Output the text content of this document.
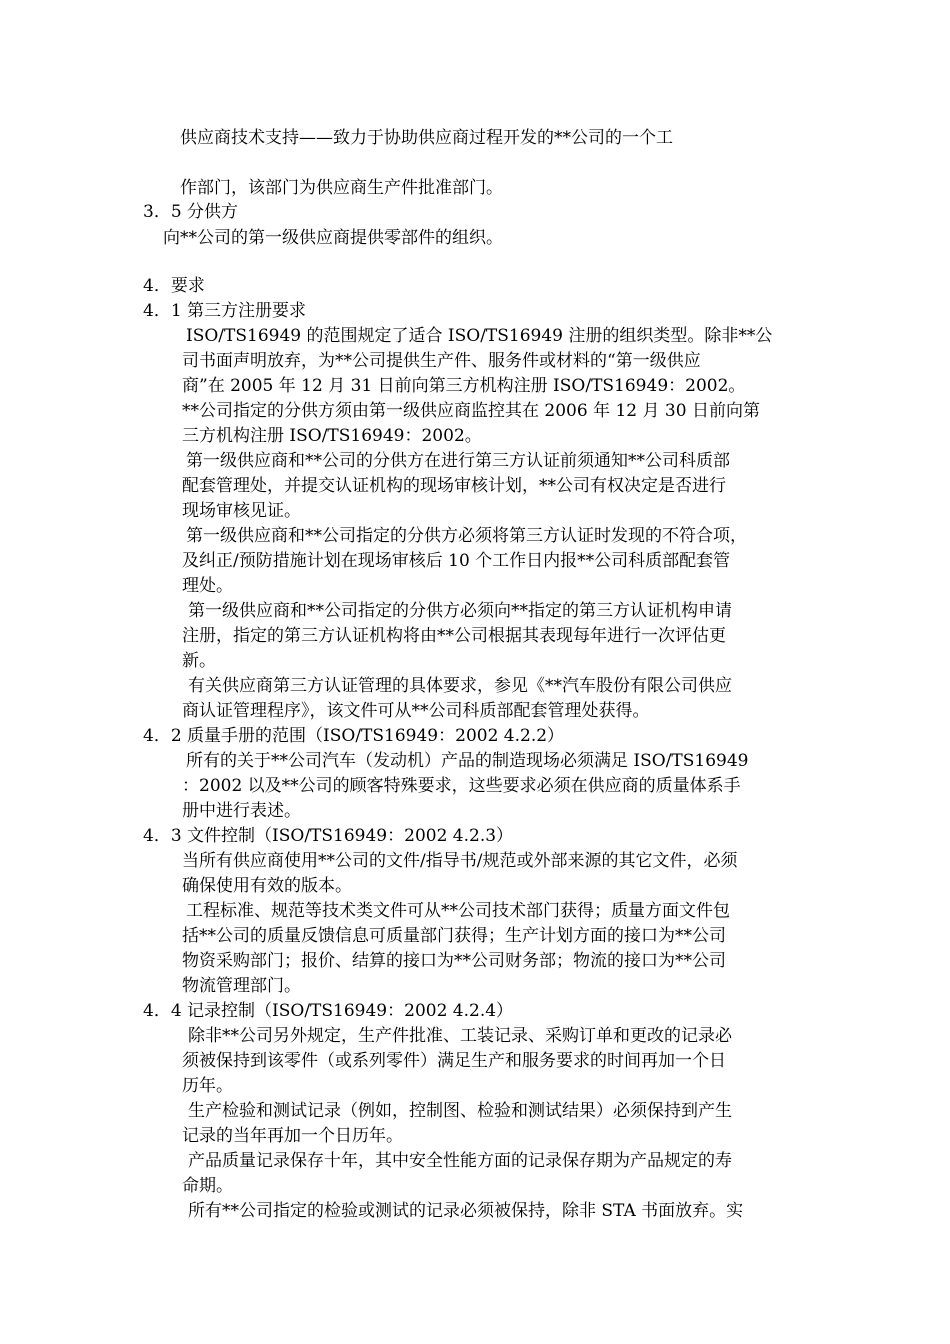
供应商技术支持——致力于协助供应商过程开发的**公司的一个工
作部门，该部门为供应商生产件批准部门。
3．5 分供方
向**公司的第一级供应商提供零部件的组织。
4．要求
4．1 第三方注册要求
ISO/TS16949 的范围规定了适合 ISO/TS16949 注册的组织类型。除非**公
司书面声明放弃，为**公司提供生产件、服务件或材料的“第一级供应
商”在 2005 年 12 月 31 日前向第三方机构注册 ISO/TS16949：2002。
**公司指定的分供方须由第一级供应商监控其在 2006 年 12 月 30 日前向第
三方机构注册 ISO/TS16949：2002。
第一级供应商和**公司的分供方在进行第三方认证前须通知**公司科质部
配套管理处，并提交认证机构的现场审核计划，**公司有权决定是否进行
现场审核见证。
第一级供应商和**公司指定的分供方必须将第三方认证时发现的不符合项，
及纠正/预防措施计划在现场审核后 10 个工作日内报**公司科质部配套管
理处。
第一级供应商和**公司指定的分供方必须向**指定的第三方认证机构申请
注册，指定的第三方认证机构将由**公司根据其表现每年进行一次评估更
新。
有关供应商第三方认证管理的具体要求，参见《**汽车股份有限公司供应
商认证管理程序》，该文件可从**公司科质部配套管理处获得。
4．2 质量手册的范围（ISO/TS16949：2002 4.2.2）
所有的关于**公司汽车（发动机）产品的制造现场必须满足 ISO/TS16949
：2002 以及**公司的顾客特殊要求，这些要求必须在供应商的质量体系手
册中进行表述。
4．3 文件控制（ISO/TS16949：2002 4.2.3）
当所有供应商使用**公司的文件/指导书/规范或外部来源的其它文件，必须
确保使用有效的版本。
工程标准、规范等技术类文件可从**公司技术部门获得；质量方面文件包
括**公司的质量反馈信息可质量部门获得；生产计划方面的接口为**公司
物资采购部门；报价、结算的接口为**公司财务部；物流的接口为**公司
物流管理部门。
4．4 记录控制（ISO/TS16949：2002 4.2.4）
除非**公司另外规定，生产件批准、工装记录、采购订单和更改的记录必
须被保持到该零件（或系列零件）满足生产和服务要求的时间再加一个日
历年。
生产检验和测试记录（例如，控制图、检验和测试结果）必须保持到产生
记录的当年再加一个日历年。
产品质量记录保存十年，其中安全性能方面的记录保存期为产品规定的寿
命期。
所有**公司指定的检验或测试的记录必须被保持，除非 STA 书面放弃。实
